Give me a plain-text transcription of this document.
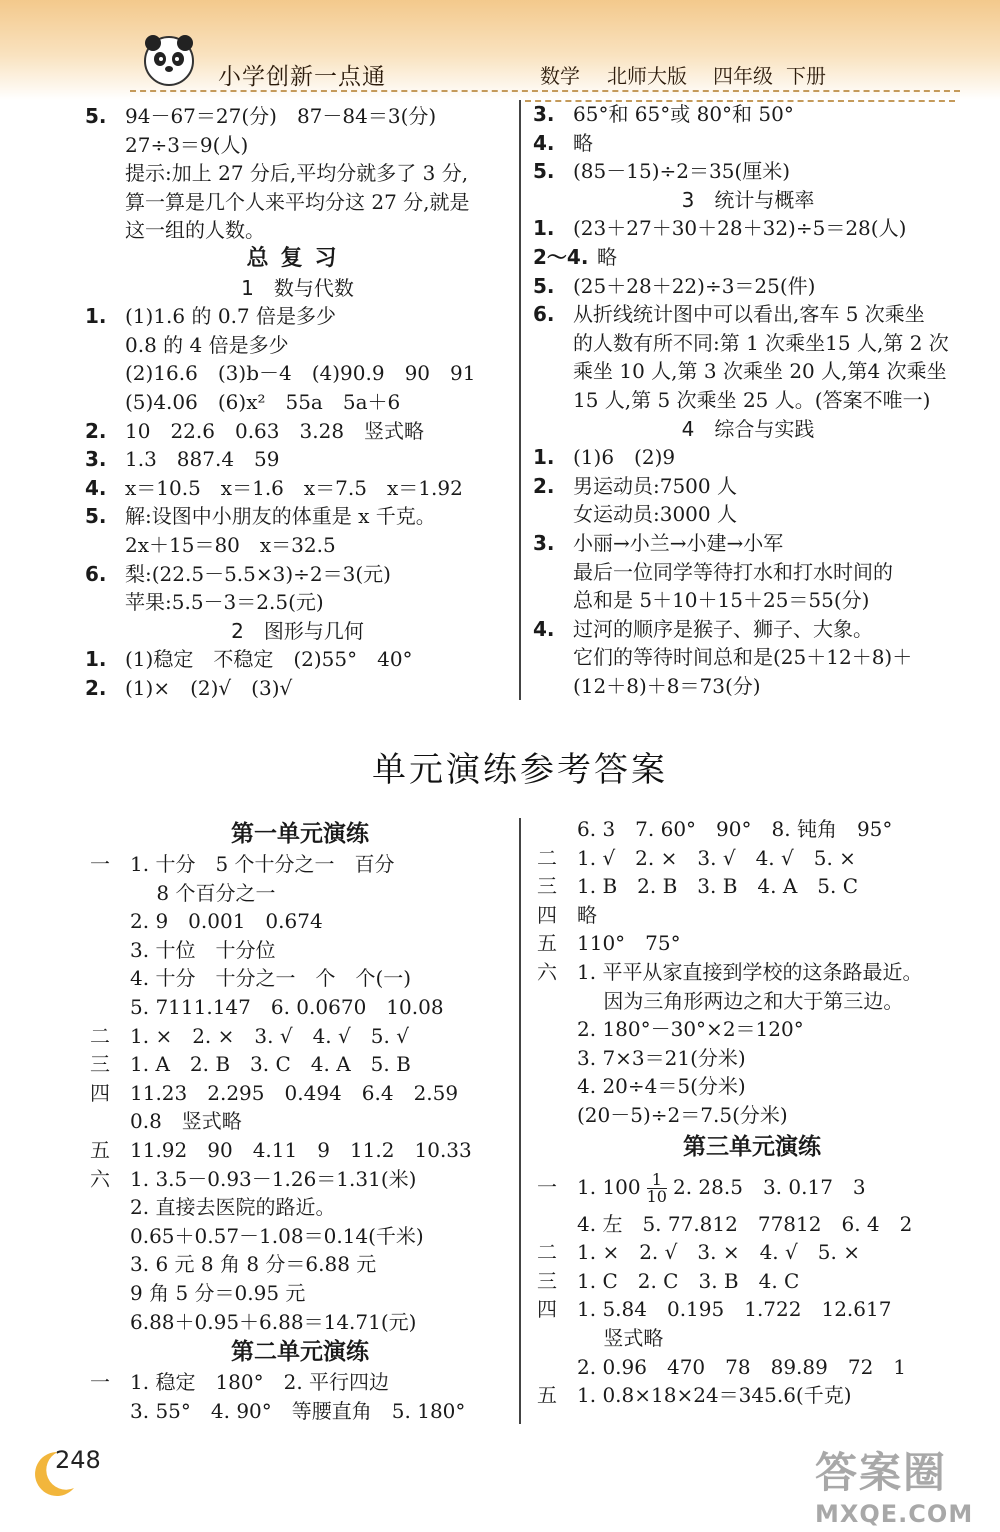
小学创新一点通	数学 北师大版 四年级 下册
5. 94－67＝27(分)　87－84＝3(分)
27÷3＝9(人)
提示:加上 27 分后,平均分就多了 3 分,
算一算是几个人来平均分这 27 分,就是
这一组的人数。
总复习
1　数与代数
1. (1)1.6 的 0.7 倍是多少
0.8 的 4 倍是多少
(2)16.6　(3)b－4　(4)90.9　90　91
(5)4.06　(6)x²　55a　5a＋6
2. 10　22.6　0.63　3.28　竖式略
3. 1.3　887.4　59
4. x＝10.5　x＝1.6　x＝7.5　x＝1.92
5. 解:设图中小朋友的体重是 x 千克。
2x＋15＝80　x＝32.5
6. 梨:(22.5－5.5×3)÷2＝3(元)
苹果:5.5－3＝2.5(元)
2　图形与几何
1. (1)稳定　不稳定　(2)55°　40°
2. (1)×　(2)√　(3)√
3. 65°和 65°或 80°和 50°
4. 略
5. (85－15)÷2＝35(厘米)
3　统计与概率
1. (23＋27＋30＋28＋32)÷5＝28(人)
2～4. 略
5. (25＋28＋22)÷3＝25(件)
6. 从折线统计图中可以看出,客车 5 次乘坐
的人数有所不同:第 1 次乘坐15 人,第 2 次
乘坐 10 人,第 3 次乘坐 20 人,第4 次乘坐
15 人,第 5 次乘坐 25 人。(答案不唯一)
4　综合与实践
1. (1)6　(2)9
2. 男运动员:7500 人
女运动员:3000 人
3. 小丽→小兰→小建→小军
最后一位同学等待打水和打水时间的
总和是 5＋10＋15＋25＝55(分)
4. 过河的顺序是猴子、狮子、大象。
它们的等待时间总和是(25＋12＋8)＋
(12＋8)＋8＝73(分)
单元演练参考答案
第一单元演练
一 1. 十分　5 个十分之一　百分
　 8 个百分之一
2. 9　0.001　0.674
3. 十位　十分位
4. 十分　十分之一　个　个(一)
5. 7111.147　6. 0.0670　10.08
二 1. ×　2. ×　3. √　4. √　5. √
三 1. A　2. B　3. C　4. A　5. B
四 11.23　2.295　0.494　6.4　2.59
0.8　竖式略
五 11.92　90　4.11　9　11.2　10.33
六 1. 3.5－0.93－1.26＝1.31(米)
2. 直接去医院的路近。
0.65＋0.57－1.08＝0.14(千米)
3. 6 元 8 角 8 分＝6.88 元
9 角 5 分＝0.95 元
6.88＋0.95＋6.88＝14.71(元)
第二单元演练
一 1. 稳定　180°　2. 平行四边
3. 55°　4. 90°　等腰直角　5. 180°
6. 3　7. 60°　90°　8. 钝角　95°
二 1. √　2. ×　3. √　4. √　5. ×
三 1. B　2. B　3. B　4. A　5. C
四 略
五 110°　75°
六 1. 平平从家直接到学校的这条路最近。
　 因为三角形两边之和大于第三边。
2. 180°－30°×2＝120°
3. 7×3＝21(分米)
4. 20÷4＝5(分米)
(20－5)÷2＝7.5(分米)
第三单元演练
一 1. $100 \frac{1}{10} 2$. 28.5　3. 0.17　3
4. 左　5. 77.812　77812　6. 4　2
二 1. ×　2. √　3. ×　4. √　5. ×
三 1. C　2. C　3. B　4. C
四 1. 5.84　0.195　1.722　12.617
　 竖式略
2. 0.96　470　78　89.89　72　1
五 1. 0.8×18×24＝345.6(千克)
248	答案圈
MXQE.COM
